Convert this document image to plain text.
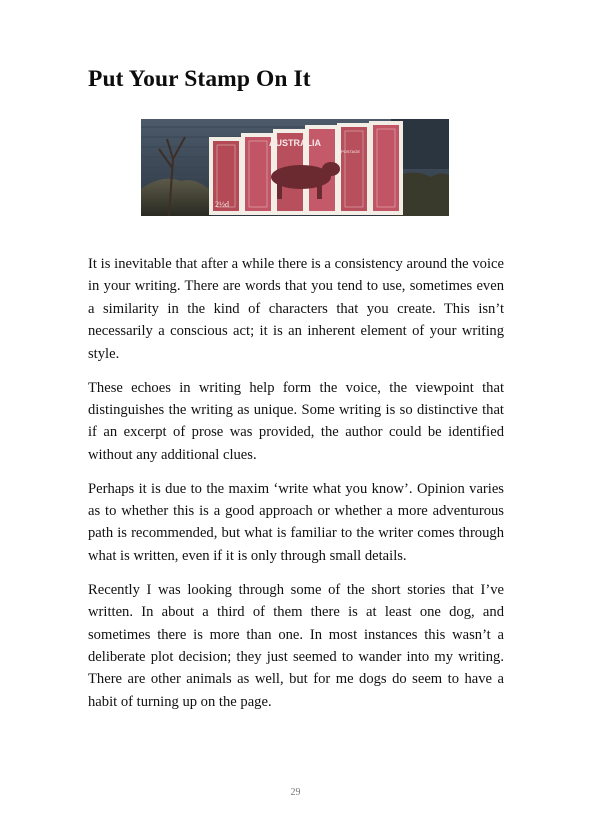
Put Your Stamp On It
AUSTRALIA
POSTAGE
2½d

It is inevitable that after a while there is a consistency around the voice in your writing. There are words that you tend to use, sometimes even a similarity in the kind of characters that you create. This isn’t necessarily a conscious act; it is an inherent element of your writing style.

These echoes in writing help form the voice, the viewpoint that distinguishes the writing as unique. Some writing is so distinctive that if an excerpt of prose was provided, the author could be identified without any additional clues.

Perhaps it is due to the maxim ‘write what you know’. Opinion varies as to whether this is a good approach or whether a more adventurous path is recommended, but what is familiar to the writer comes through what is written, even if it is only through small details.

Recently I was looking through some of the short stories that I’ve written. In about a third of them there is at least one dog, and sometimes there is more than one. In most instances this wasn’t a deliberate plot decision; they just seemed to wander into my writing. There are other animals as well, but for me dogs do seem to have a habit of turning up on the page.

29
